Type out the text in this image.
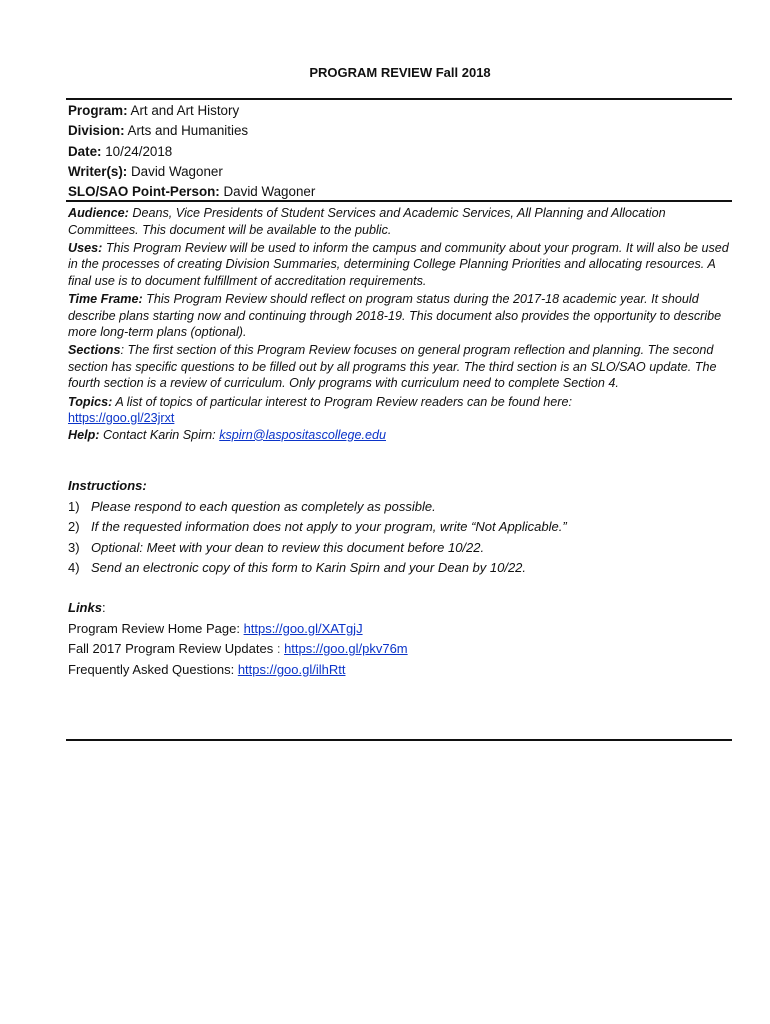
PROGRAM REVIEW Fall 2018
Program: Art and Art History
Division: Arts and Humanities
Date: 10/24/2018
Writer(s): David Wagoner
SLO/SAO Point-Person: David Wagoner

Audience: Deans, Vice Presidents of Student Services and Academic Services, All Planning and Allocation Committees. This document will be available to the public.

Uses: This Program Review will be used to inform the campus and community about your program. It will also be used in the processes of creating Division Summaries, determining College Planning Priorities and allocating resources. A final use is to document fulfillment of accreditation requirements.

Time Frame: This Program Review should reflect on program status during the 2017-18 academic year. It should describe plans starting now and continuing through 2018-19. This document also provides the opportunity to describe more long-term plans (optional).

Sections: The first section of this Program Review focuses on general program reflection and planning. The second section has specific questions to be filled out by all programs this year. The third section is an SLO/SAO update. The fourth section is a review of curriculum. Only programs with curriculum need to complete Section 4.

Topics: A list of topics of particular interest to Program Review readers can be found here:
https://goo.gl/23jrxt
Help: Contact Karin Spirn: kspirn@laspositascollege.edu

Instructions:
1) Please respond to each question as completely as possible.
2) If the requested information does not apply to your program, write “Not Applicable.”
3) Optional: Meet with your dean to review this document before 10/22.
4) Send an electronic copy of this form to Karin Spirn and your Dean by 10/22.
Links:
Program Review Home Page: https://goo.gl/XATgjJ
Fall 2017 Program Review Updates : https://goo.gl/pkv76m
Frequently Asked Questions: https://goo.gl/ilhRtt
